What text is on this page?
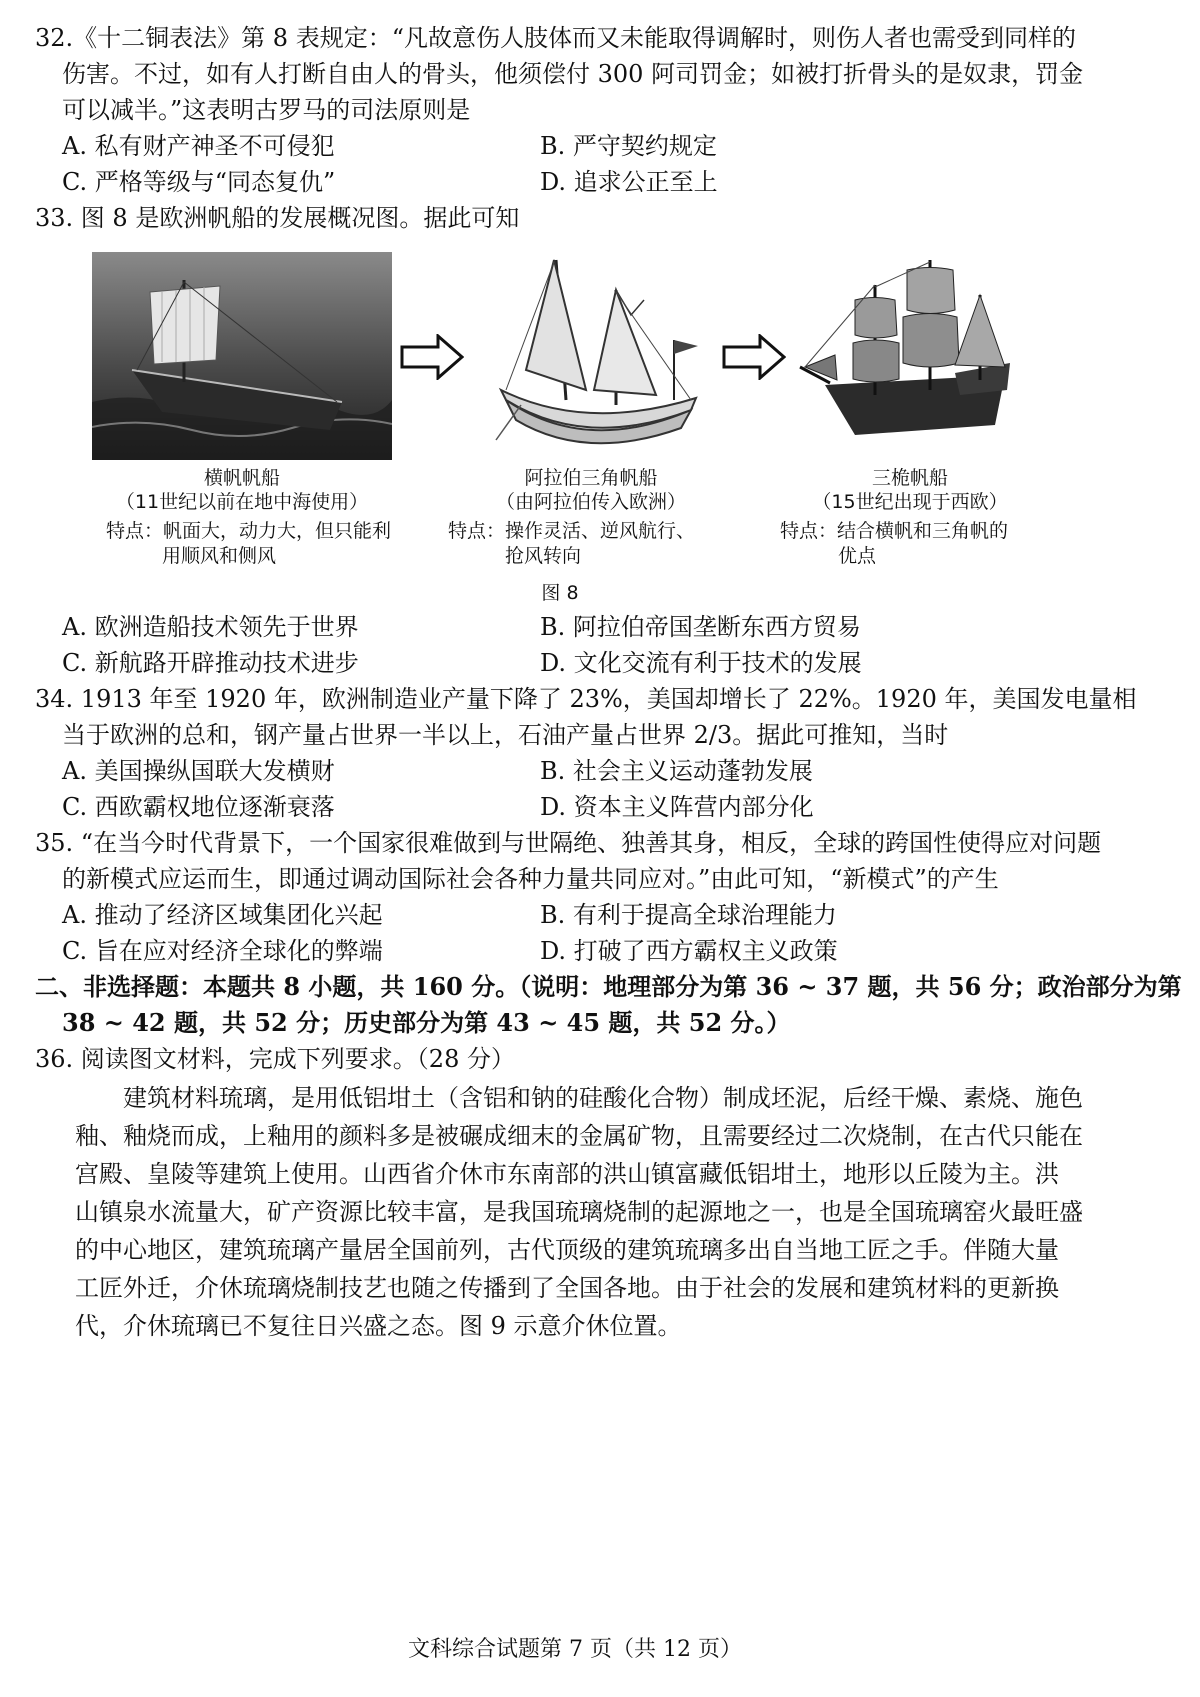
32.《十二铜表法》第 8 表规定：“凡故意伤人肢体而又未能取得调解时，则伤人者也需受到同样的
伤害。不过，如有人打断自由人的骨头，他须偿付 300 阿司罚金；如被打折骨头的是奴隶，罚金
可以减半。”这表明古罗马的司法原则是
A. 私有财产神圣不可侵犯	B. 严守契约规定
C. 严格等级与“同态复仇”	D. 追求公正至上
33. 图 8 是欧洲帆船的发展概况图。据此可知
横帆帆船
（11世纪以前在地中海使用）
特点：帆面大，动力大，但只能利
用顺风和侧风
阿拉伯三角帆船
（由阿拉伯传入欧洲）
特点：操作灵活、逆风航行、
抢风转向
三桅帆船
（15世纪出现于西欧）
特点：结合横帆和三角帆的
优点
图 8
A. 欧洲造船技术领先于世界	B. 阿拉伯帝国垄断东西方贸易
C. 新航路开辟推动技术进步	D. 文化交流有利于技术的发展
34. 1913 年至 1920 年，欧洲制造业产量下降了 23%，美国却增长了 22%。1920 年，美国发电量相
当于欧洲的总和，钢产量占世界一半以上，石油产量占世界 2/3。据此可推知，当时
A. 美国操纵国联大发横财	B. 社会主义运动蓬勃发展
C. 西欧霸权地位逐渐衰落	D. 资本主义阵营内部分化
35. “在当今时代背景下，一个国家很难做到与世隔绝、独善其身，相反，全球的跨国性使得应对问题
的新模式应运而生，即通过调动国际社会各种力量共同应对。”由此可知，“新模式”的产生
A. 推动了经济区域集团化兴起	B. 有利于提高全球治理能力
C. 旨在应对经济全球化的弊端	D. 打破了西方霸权主义政策
二、非选择题：本题共 8 小题，共 160 分。（说明：地理部分为第 36 ~ 37 题，共 56 分；政治部分为第
38 ~ 42 题，共 52 分；历史部分为第 43 ~ 45 题，共 52 分。）
36. 阅读图文材料，完成下列要求。（28 分）
　　建筑材料琉璃，是用低铝坩土（含铝和钠的硅酸化合物）制成坯泥，后经干燥、素烧、施色
釉、釉烧而成，上釉用的颜料多是被碾成细末的金属矿物，且需要经过二次烧制，在古代只能在
宫殿、皇陵等建筑上使用。山西省介休市东南部的洪山镇富藏低铝坩土，地形以丘陵为主。洪
山镇泉水流量大，矿产资源比较丰富，是我国琉璃烧制的起源地之一，也是全国琉璃窑火最旺盛
的中心地区，建筑琉璃产量居全国前列，古代顶级的建筑琉璃多出自当地工匠之手。伴随大量
工匠外迁，介休琉璃烧制技艺也随之传播到了全国各地。由于社会的发展和建筑材料的更新换
代，介休琉璃已不复往日兴盛之态。图 9 示意介休位置。
文科综合试题第 7 页（共 12 页）
